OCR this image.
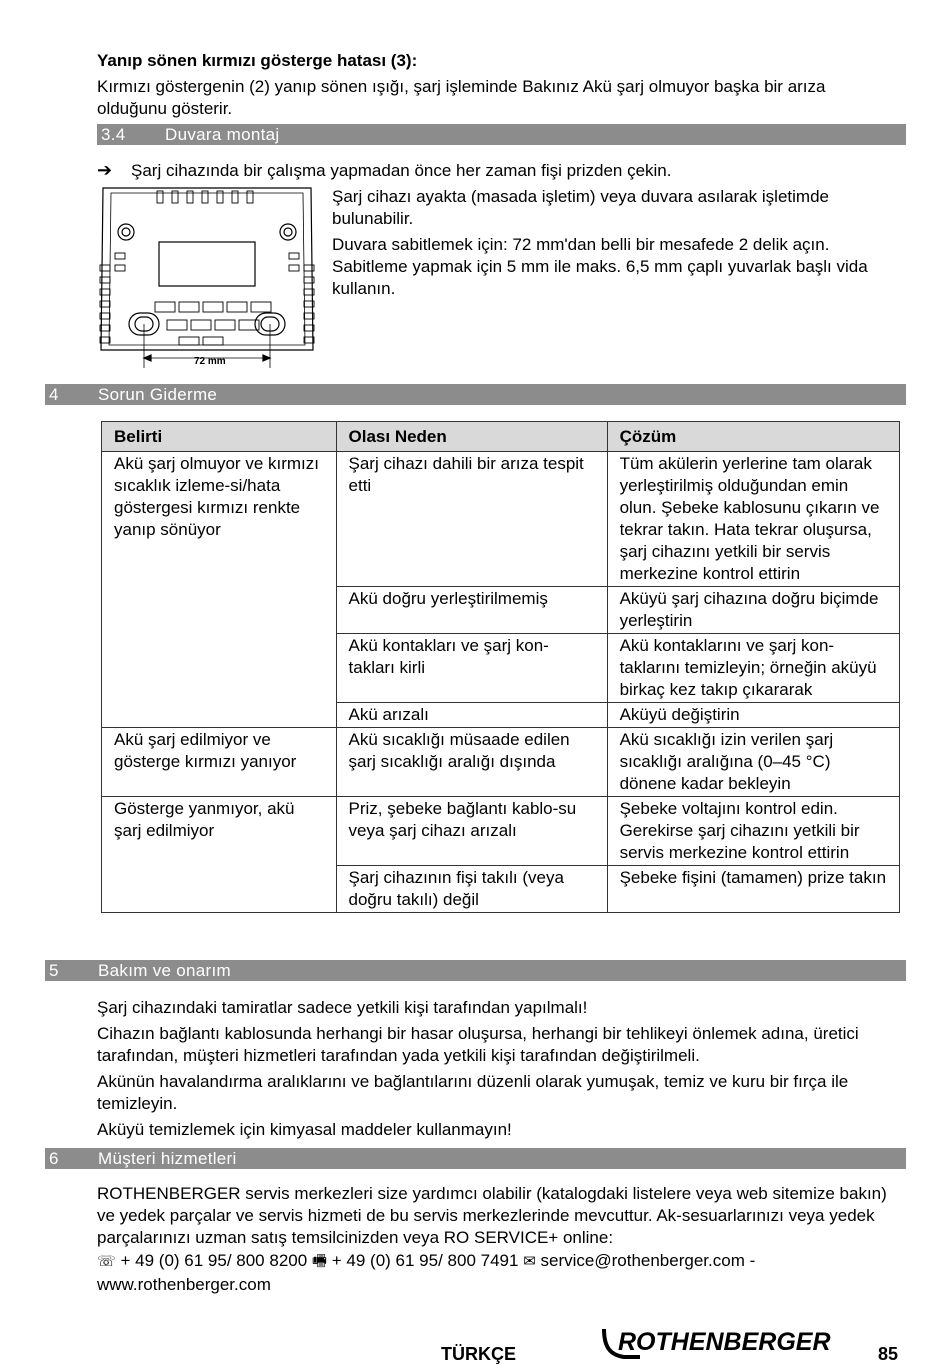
Yanıp sönen kırmızı gösterge hatası (3):

Kırmızı göstergenin (2) yanıp sönen ışığı, şarj işleminde Bakınız Akü şarj olmuyor başka bir arıza olduğunu gösterir.

3.4 Duvara montaj
➔ Şarj cihazında bir çalışma yapmadan önce her zaman fişi prizden çekin.

72 mm

Şarj cihazı ayakta (masada işletim) veya duvara asılarak işletimde bulunabilir.

Duvara sabitlemek için: 72 mm'dan belli bir mesafede 2 delik açın. Sabitleme yapmak için 5 mm ile maks. 6,5 mm çaplı yuvarlak başlı vida kullanın.

4 Sorun Giderme
Belirti	Olası Neden	Çözüm
Akü şarj olmuyor ve kırmızı sıcaklık izleme-si/hata göstergesi kırmızı renkte yanıp sönüyor	Şarj cihazı dahili bir arıza tespit etti	Tüm akülerin yerlerine tam olarak yerleştirilmiş olduğundan emin olun. Şebeke kablosunu çıkarın ve tekrar takın. Hata tekrar oluşursa, şarj cihazını yetkili bir servis merkezine kontrol ettirin
	Akü doğru yerleştirilmemiş	Aküyü şarj cihazına doğru biçimde yerleştirin
	Akü kontakları ve şarj kon-takları kirli	Akü kontaklarını ve şarj kon-taklarını temizleyin; örneğin aküyü birkaç kez takıp çıkararak
	Akü arızalı	Aküyü değiştirin
Akü şarj edilmiyor ve gösterge kırmızı yanıyor	Akü sıcaklığı müsaade edilen şarj sıcaklığı aralığı dışında	Akü sıcaklığı izin verilen şarj sıcaklığı aralığına (0–45 °C) dönene kadar bekleyin
Gösterge yanmıyor, akü şarj edilmiyor	Priz, şebeke bağlantı kablo-su veya şarj cihazı arızalı	Şebeke voltajını kontrol edin. Gerekirse şarj cihazını yetkili bir servis merkezine kontrol ettirin
	Şarj cihazının fişi takılı (veya doğru takılı) değil	Şebeke fişini (tamamen) prize takın
5 Bakım ve onarım

Şarj cihazındaki tamiratlar sadece yetkili kişi tarafından yapılmalı!

Cihazın bağlantı kablosunda herhangi bir hasar oluşursa, herhangi bir tehlikeyi önlemek adına, üretici tarafından, müşteri hizmetleri tarafından yada yetkili kişi tarafından değiştirilmeli.

Akünün havalandırma aralıklarını ve bağlantılarını düzenli olarak yumuşak, temiz ve kuru bir fırça ile temizleyin.

Aküyü temizlemek için kimyasal maddeler kullanmayın!

6 Müşteri hizmetleri

ROTHENBERGER servis merkezleri size yardımcı olabilir (katalogdaki listelere veya web sitemize bakın) ve yedek parçalar ve servis hizmeti de bu servis merkezlerinde mevcuttur. Ak-sesuarlarınızı veya yedek parçalarınızı uzman satış temsilcinizden veya RO SERVICE+ online:

☏ + 49 (0) 61 95/ 800 8200 🖷 + 49 (0) 61 95/ 800 7491 ✉ service@rothenberger.com -

www.rothenberger.com

TÜRKÇE	ROTHENBERGER	85
